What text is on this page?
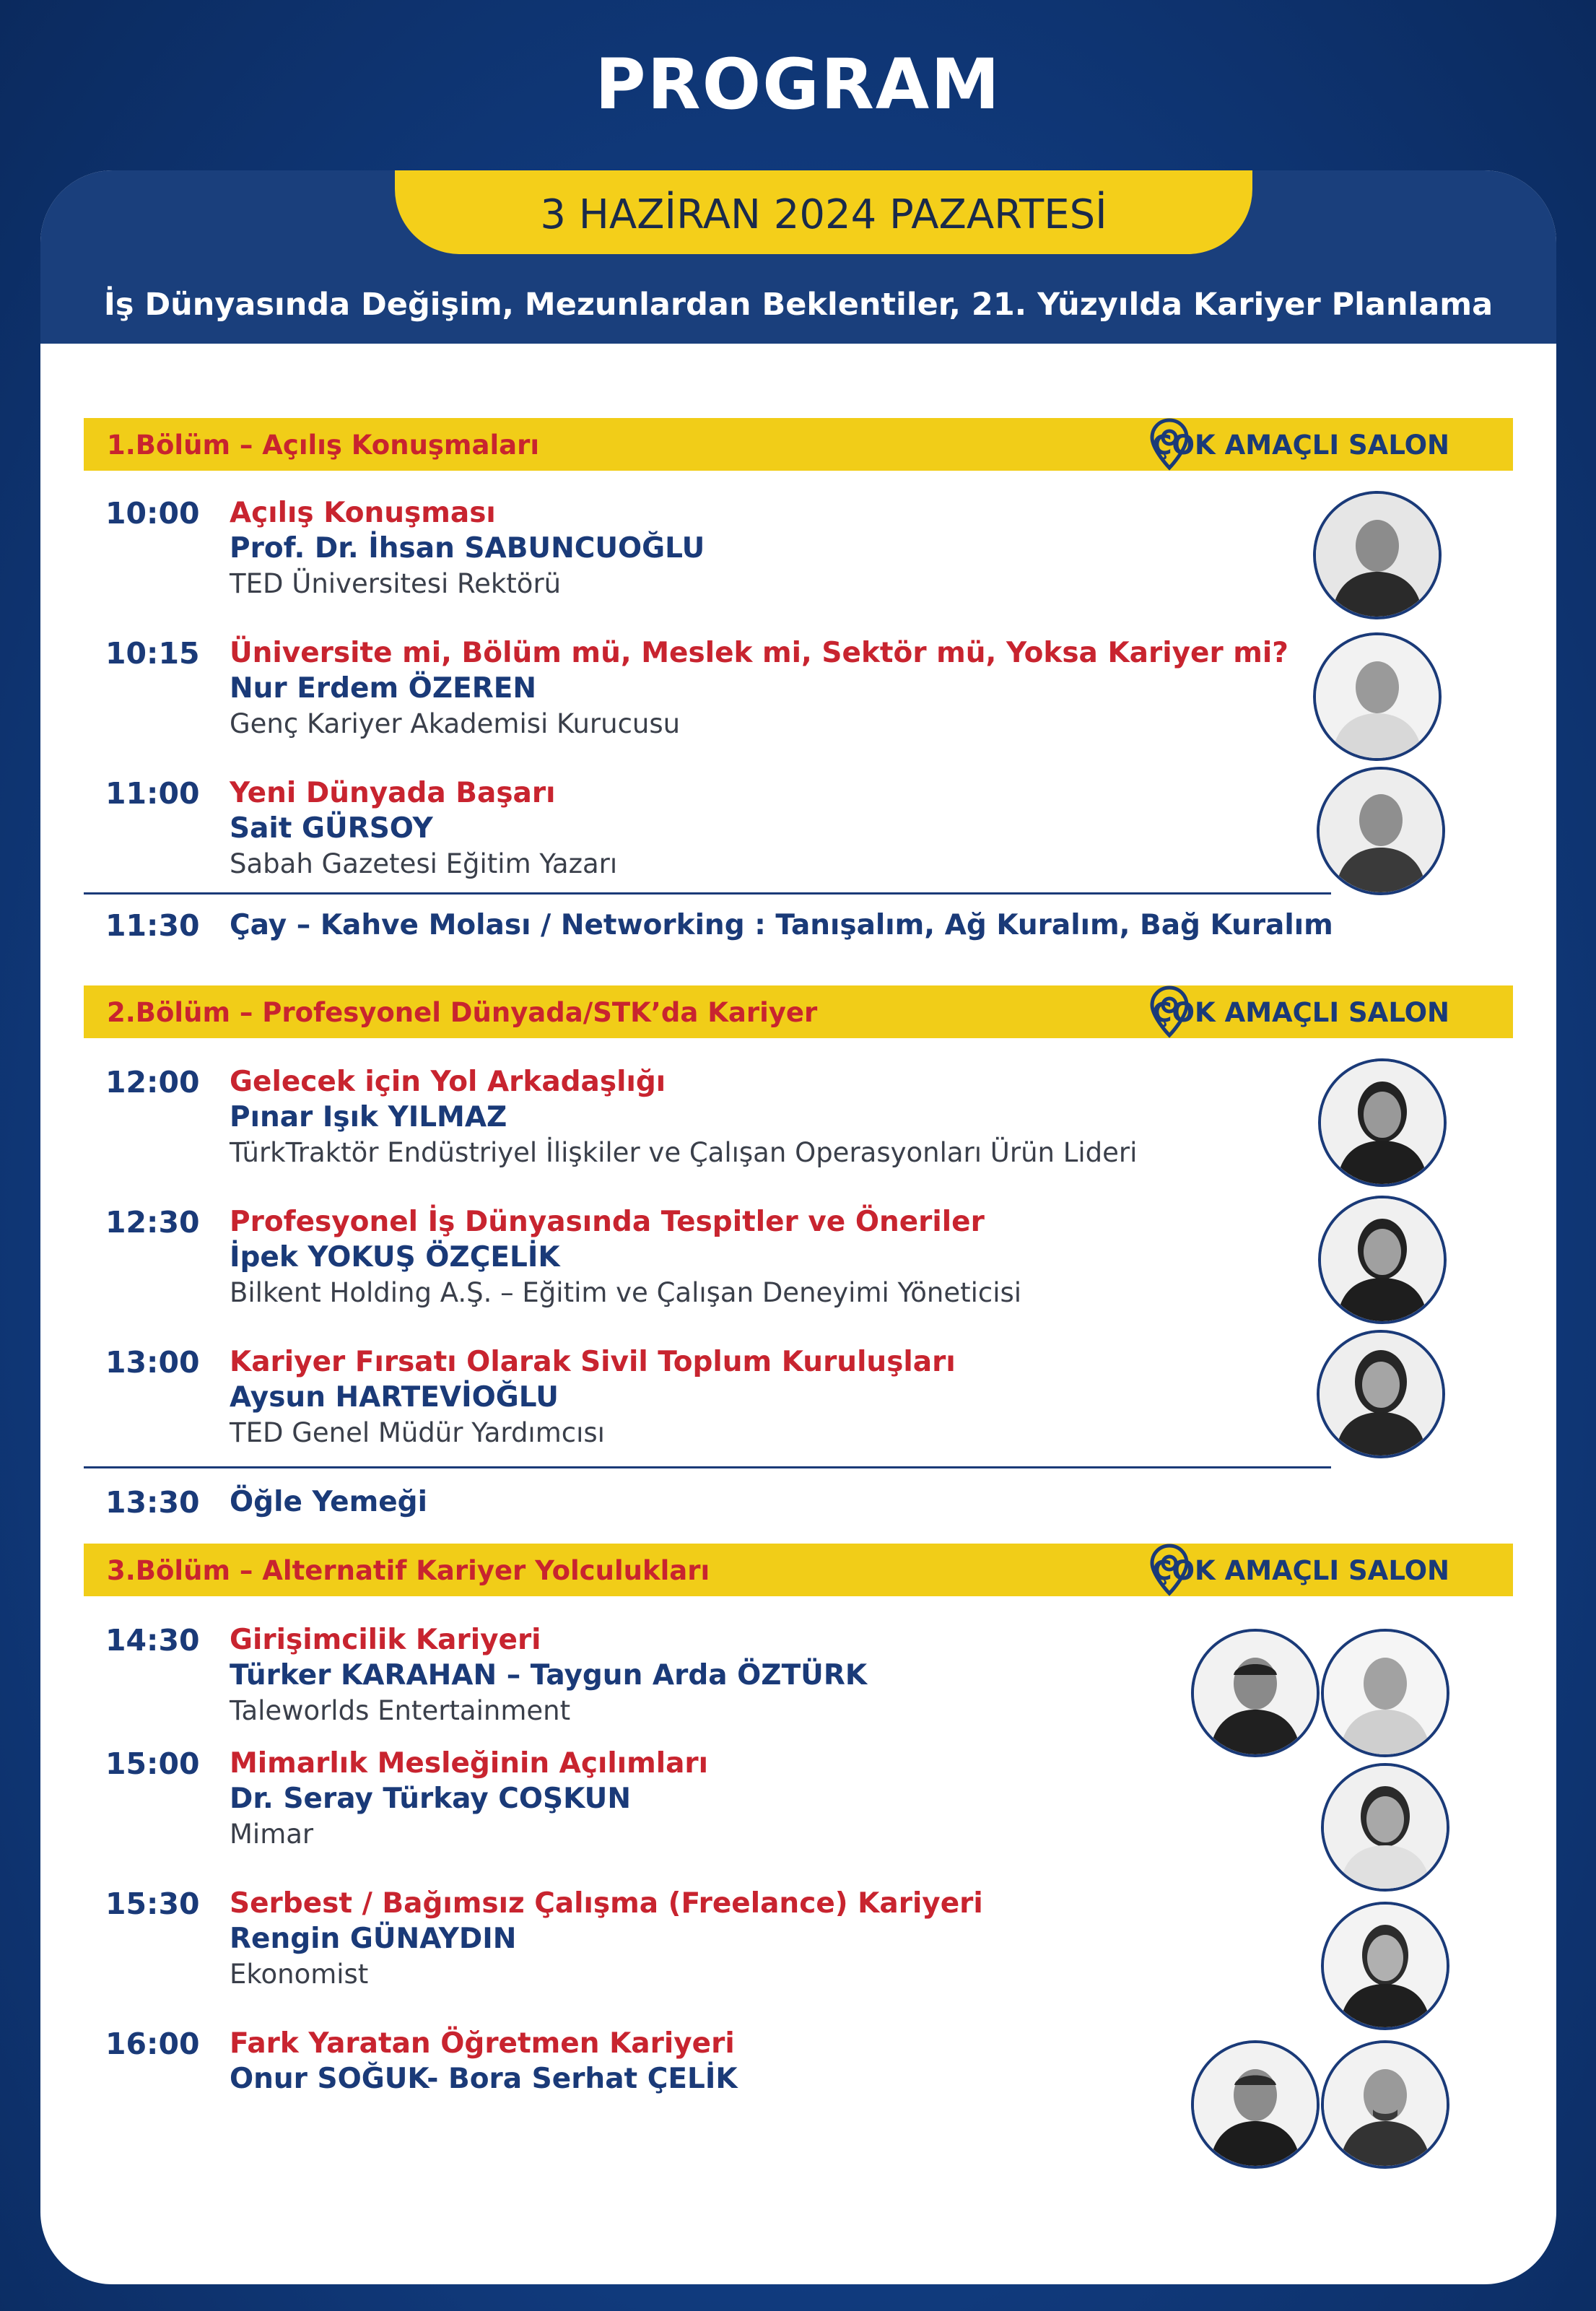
PROGRAM
3 HAZİRAN 2024 PAZARTESİ
İş Dünyasında Değişim, Mezunlardan Beklentiler, 21. Yüzyılda Kariyer Planlama
1.Bölüm – Açılış Konuşmaları	ÇOK AMAÇLI SALON
10:00 Açılış Konuşması
Prof. Dr. İhsan SABUNCUOĞLU
TED Üniversitesi Rektörü
10:15 Üniversite mi, Bölüm mü, Meslek mi, Sektör mü, Yoksa Kariyer mi?
Nur Erdem ÖZEREN
Genç Kariyer Akademisi Kurucusu
11:00 Yeni Dünyada Başarı
Sait GÜRSOY
Sabah Gazetesi Eğitim Yazarı
11:30 Çay – Kahve Molası / Networking : Tanışalım, Ağ Kuralım, Bağ Kuralım
2.Bölüm – Profesyonel Dünyada/STK’da Kariyer	ÇOK AMAÇLI SALON
12:00 Gelecek için Yol Arkadaşlığı
Pınar Işık YILMAZ
TürkTraktör Endüstriyel İlişkiler ve Çalışan Operasyonları Ürün Lideri
12:30 Profesyonel İş Dünyasında Tespitler ve Öneriler
İpek YOKUŞ ÖZÇELİK
Bilkent Holding A.Ş. – Eğitim ve Çalışan Deneyimi Yöneticisi
13:00 Kariyer Fırsatı Olarak Sivil Toplum Kuruluşları
Aysun HARTEVİOĞLU
TED Genel Müdür Yardımcısı
13:30 Öğle Yemeği
3.Bölüm – Alternatif Kariyer Yolculukları	ÇOK AMAÇLI SALON
14:30 Girişimcilik Kariyeri
Türker KARAHAN – Taygun Arda ÖZTÜRK
Taleworlds Entertainment
15:00 Mimarlık Mesleğinin Açılımları
Dr. Seray Türkay COŞKUN
Mimar
15:30 Serbest / Bağımsız Çalışma (Freelance) Kariyeri
Rengin GÜNAYDIN
Ekonomist
16:00 Fark Yaratan Öğretmen Kariyeri
Onur SOĞUK- Bora Serhat ÇELİK
